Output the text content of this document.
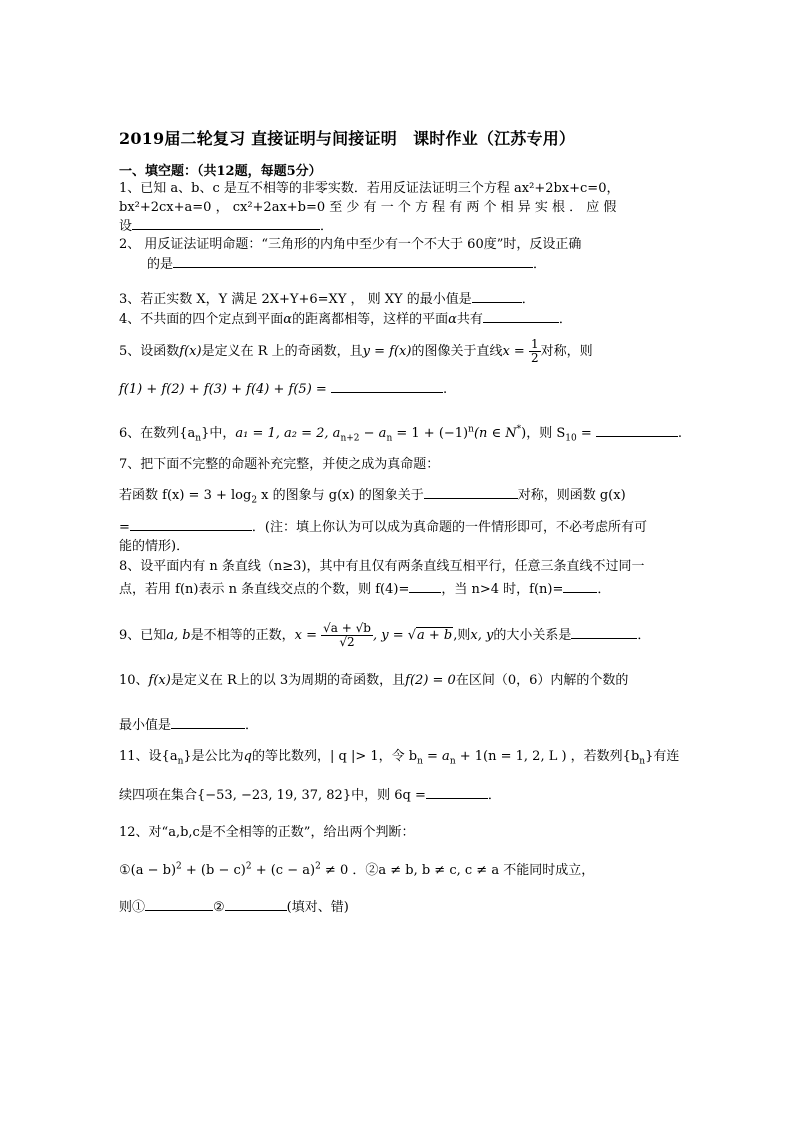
2019届二轮复习 直接证明与间接证明　课时作业（江苏专用）
一、填空题：（共12题，每题5分）
1、已知 a、b、c 是互不相等的非零实数．若用反证法证明三个方程 ax²+2bx+c=0，
bx²+2cx+a=0 ， cx²+2ax+b=0 至 少 有 一 个 方 程 有 两 个 相 异 实 根 ． 应 假
设	．
2、 用反证法证明命题：“三角形的内角中至少有一个不大于 60度”时，反设正确
的是	．
3、若正实数 X，Y 满足 2X+Y+6=XY ， 则 XY 的最小值是	．
4、不共面的四个定点到平面α的距离都相等，这样的平面α共有	．
5、设函数f(x)是定义在 R 上的奇函数，且y = f(x)的图像关于直线$x = \frac{1}{2}$ 对称，则
f(1) + f(2) + f(3) + f(4) + f(5) =	.
6、在数列$\{a_n\}$中，a₁ = 1, a₂ = 2, $a_{n+2} - a_n = 1 + (-1)^n(n$ ∈ N*)，则 $S_{10}$ =	.
7、把下面不完整的命题补充完整，并使之成为真命题：
若函数 $f(x) = 3 + \log_2 x$ 的图象与 g(x) 的图象关于	对称，则函数 g(x)
=	．(注：填上你认为可以成为真命题的一件情形即可，不必考虑所有可
能的情形)．
8、设平面内有 n 条直线（n≥3)，其中有且仅有两条直线互相平行，任意三条直线不过同一
点，若用 f(n)表示 n 条直线交点的个数，则 f(4)= ，当 n>4 时，f(n)=	．
9、已知a, b是不相等的正数，$x = \frac{√a + √b}{√2}$ , y = √a + b,则x, y的大小关系是	．
10、f(x)是定义在 R上的以 3为周期的奇函数，且f(2) = 0在区间（0，6）内解的个数的
最小值是	．
11、设$\{a_n\}$是公比为q的等比数列，| q |> 1，令 $b_n = a_n + 1(n = 1$, 2, L ) ，若数列$\{b_n\}$有连
续四项在集合{−53, −23, 19, 37, 82}中，则 6q =	．
12、对“a,b,c是不全相等的正数”，给出两个判断：
①(a − $b)^2 + (b - c)^2 + (c - a)^2 \ne 0$ ．②a ≠ b, b ≠ c, c ≠ a 不能同时成立，
则①	②	(填对、错)
